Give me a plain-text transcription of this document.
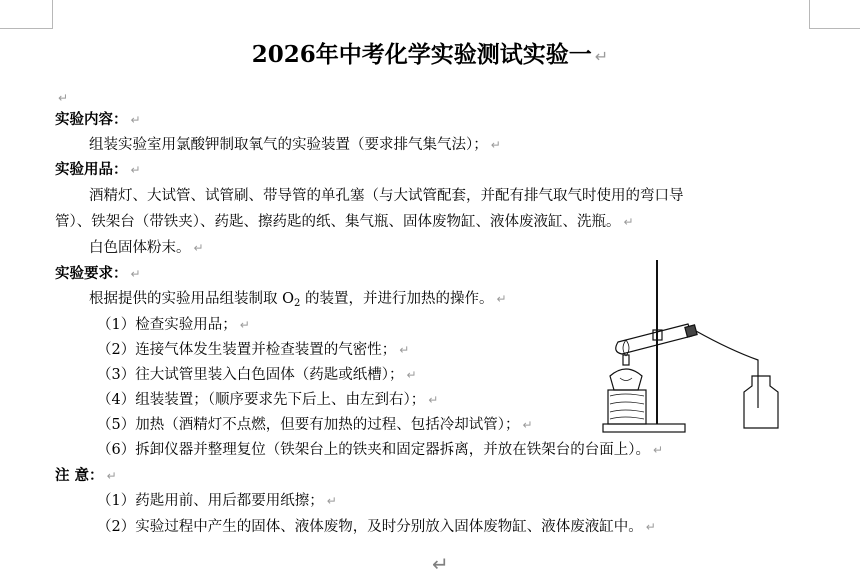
2026年中考化学实验测试实验一 ↵
↵
实验内容： ↵
组装实验室用氯酸钾制取氧气的实验装置（要求排气集气法）； ↵
实验用品： ↵
酒精灯、大试管、试管刷、带导管的单孔塞（与大试管配套，并配有排气取气时使用的弯口导
管）、铁架台（带铁夹）、药匙、擦药匙的纸、集气瓶、固体废物缸、液体废液缸、洗瓶。 ↵
白色固体粉末。 ↵
实验要求： ↵
根据提供的实验用品组装制取 $O_2$ 的装置，并进行加热的操作。 ↵
（1）检查实验用品； ↵
（2）连接气体发生装置并检查装置的气密性； ↵
（3）往大试管里装入白色固体（药匙或纸槽）； ↵
（4）组装装置；（顺序要求先下后上、由左到右）； ↵
（5）加热（酒精灯不点燃，但要有加热的过程、包括冷却试管）； ↵
（6）拆卸仪器并整理复位（铁架台上的铁夹和固定器拆离，并放在铁架台的台面上）。 ↵
注 意： ↵
（1）药匙用前、用后都要用纸擦； ↵
（2）实验过程中产生的固体、液体废物，及时分别放入固体废物缸、液体废液缸中。 ↵
↵
